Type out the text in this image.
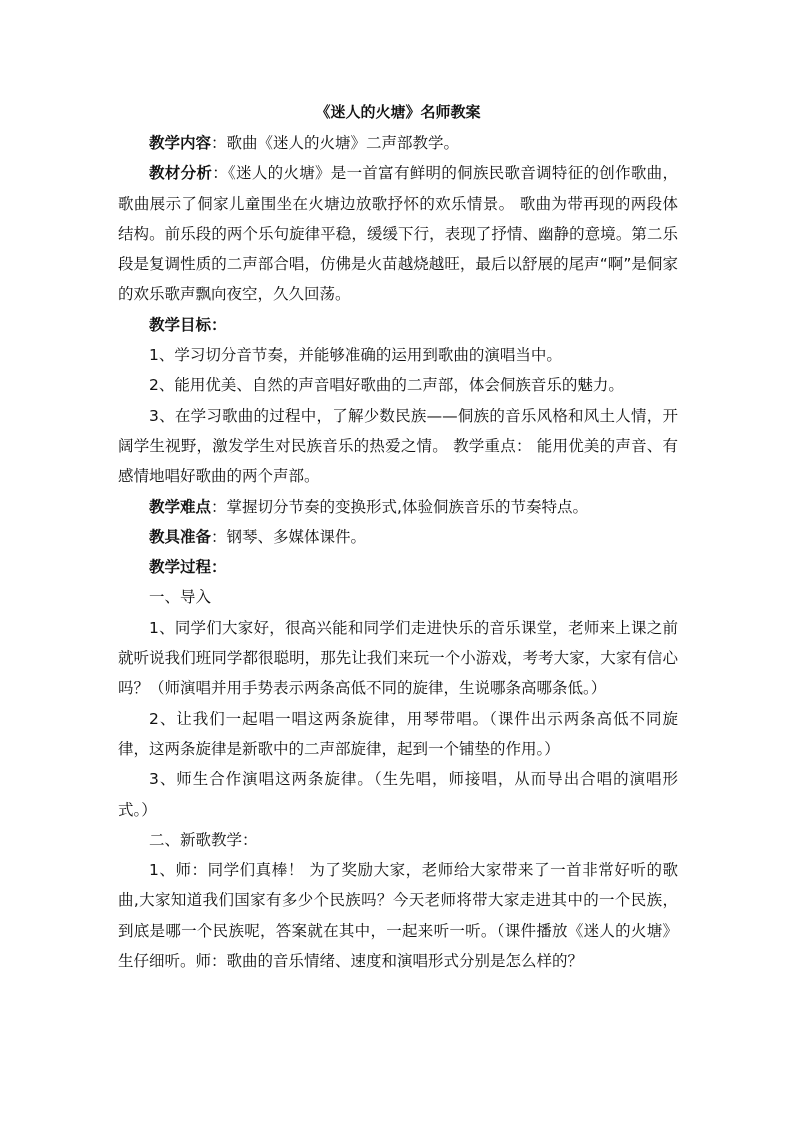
《迷人的火塘》名师教案

教学内容：歌曲《迷人的火塘》二声部教学。

教材分析：《迷人的火塘》是一首富有鲜明的侗族民歌音调特征的创作歌曲，歌曲展示了侗家儿童围坐在火塘边放歌抒怀的欢乐情景。 歌曲为带再现的两段体结构。前乐段的两个乐句旋律平稳，缓缓下行，表现了抒情、幽静的意境。第二乐段是复调性质的二声部合唱，仿佛是火苗越烧越旺，最后以舒展的尾声“啊”是侗家的欢乐歌声飘向夜空，久久回荡。

教学目标：

1、学习切分音节奏，并能够准确的运用到歌曲的演唱当中。

2、能用优美、自然的声音唱好歌曲的二声部，体会侗族音乐的魅力。

3、在学习歌曲的过程中，了解少数民族——侗族的音乐风格和风土人情，开阔学生视野，激发学生对民族音乐的热爱之情。 教学重点： 能用优美的声音、有感情地唱好歌曲的两个声部。

教学难点：掌握切分节奏的变换形式,体验侗族音乐的节奏特点。

教具准备：钢琴、多媒体课件。

教学过程：

一、导入

1、同学们大家好，很高兴能和同学们走进快乐的音乐课堂，老师来上课之前就听说我们班同学都很聪明，那先让我们来玩一个小游戏，考考大家，大家有信心吗？（师演唱并用手势表示两条高低不同的旋律，生说哪条高哪条低。）

2、让我们一起唱一唱这两条旋律，用琴带唱。（课件出示两条高低不同旋律，这两条旋律是新歌中的二声部旋律，起到一个铺垫的作用。）

3、师生合作演唱这两条旋律。（生先唱，师接唱，从而导出合唱的演唱形式。）

二、新歌教学：

1、师：同学们真棒！ 为了奖励大家，老师给大家带来了一首非常好听的歌曲,大家知道我们国家有多少个民族吗？今天老师将带大家走进其中的一个民族，到底是哪一个民族呢，答案就在其中，一起来听一听。（课件播放《迷人的火塘》生仔细听。师：歌曲的音乐情绪、速度和演唱形式分别是怎么样的？
